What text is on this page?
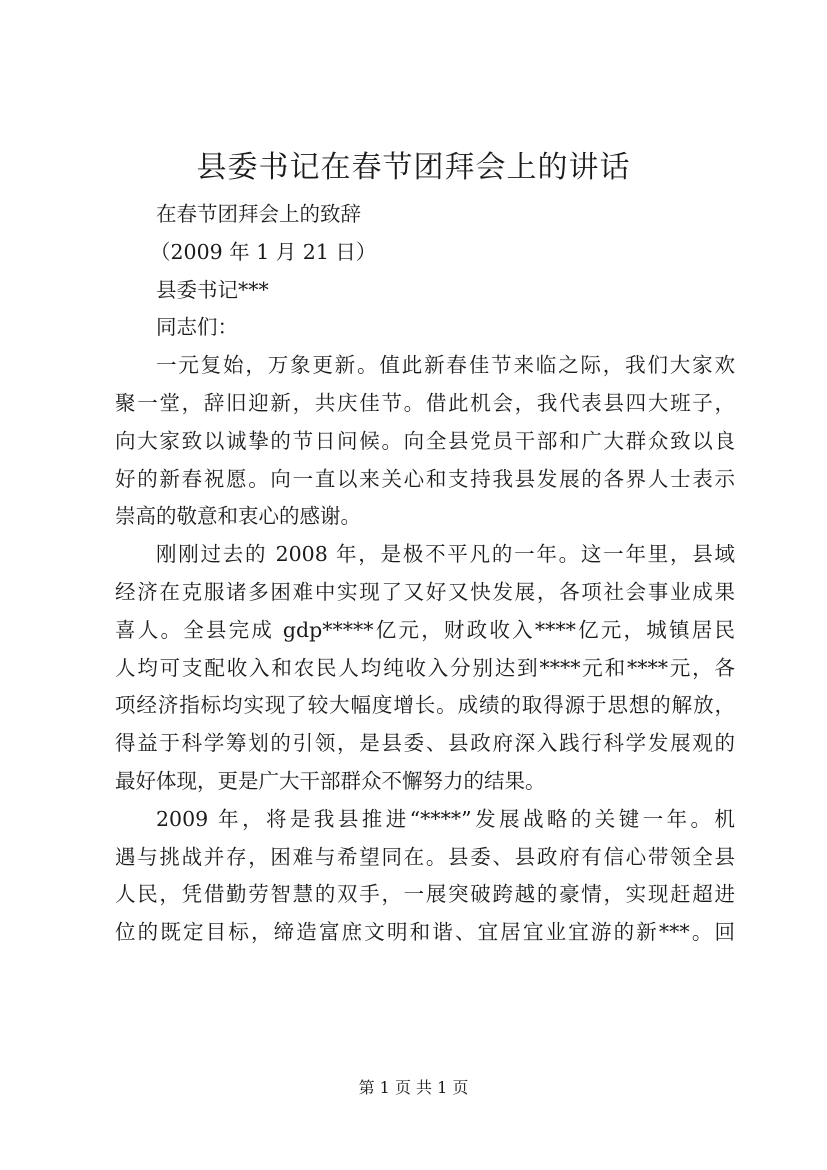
县委书记在春节团拜会上的讲话
在春节团拜会上的致辞
（2009 年 1 月 21 日）
县委书记***
同志们：
一元复始，万象更新。值此新春佳节来临之际，我们大家欢
聚一堂，辞旧迎新，共庆佳节。借此机会，我代表县四大班子，
向大家致以诚挚的节日问候。向全县党员干部和广大群众致以良
好的新春祝愿。向一直以来关心和支持我县发展的各界人士表示
崇高的敬意和衷心的感谢。
刚刚过去的 2008 年，是极不平凡的一年。这一年里，县域
经济在克服诸多困难中实现了又好又快发展，各项社会事业成果
喜人。全县完成 gdp*****亿元，财政收入****亿元，城镇居民
人均可支配收入和农民人均纯收入分别达到****元和****元，各
项经济指标均实现了较大幅度增长。成绩的取得源于思想的解放，
得益于科学筹划的引领，是县委、县政府深入践行科学发展观的
最好体现，更是广大干部群众不懈努力的结果。
2009 年，将是我县推进“****”发展战略的关键一年。机
遇与挑战并存，困难与希望同在。县委、县政府有信心带领全县
人民，凭借勤劳智慧的双手，一展突破跨越的豪情，实现赶超进
位的既定目标，缔造富庶文明和谐、宜居宜业宜游的新***。回
第 1 页 共 1 页
